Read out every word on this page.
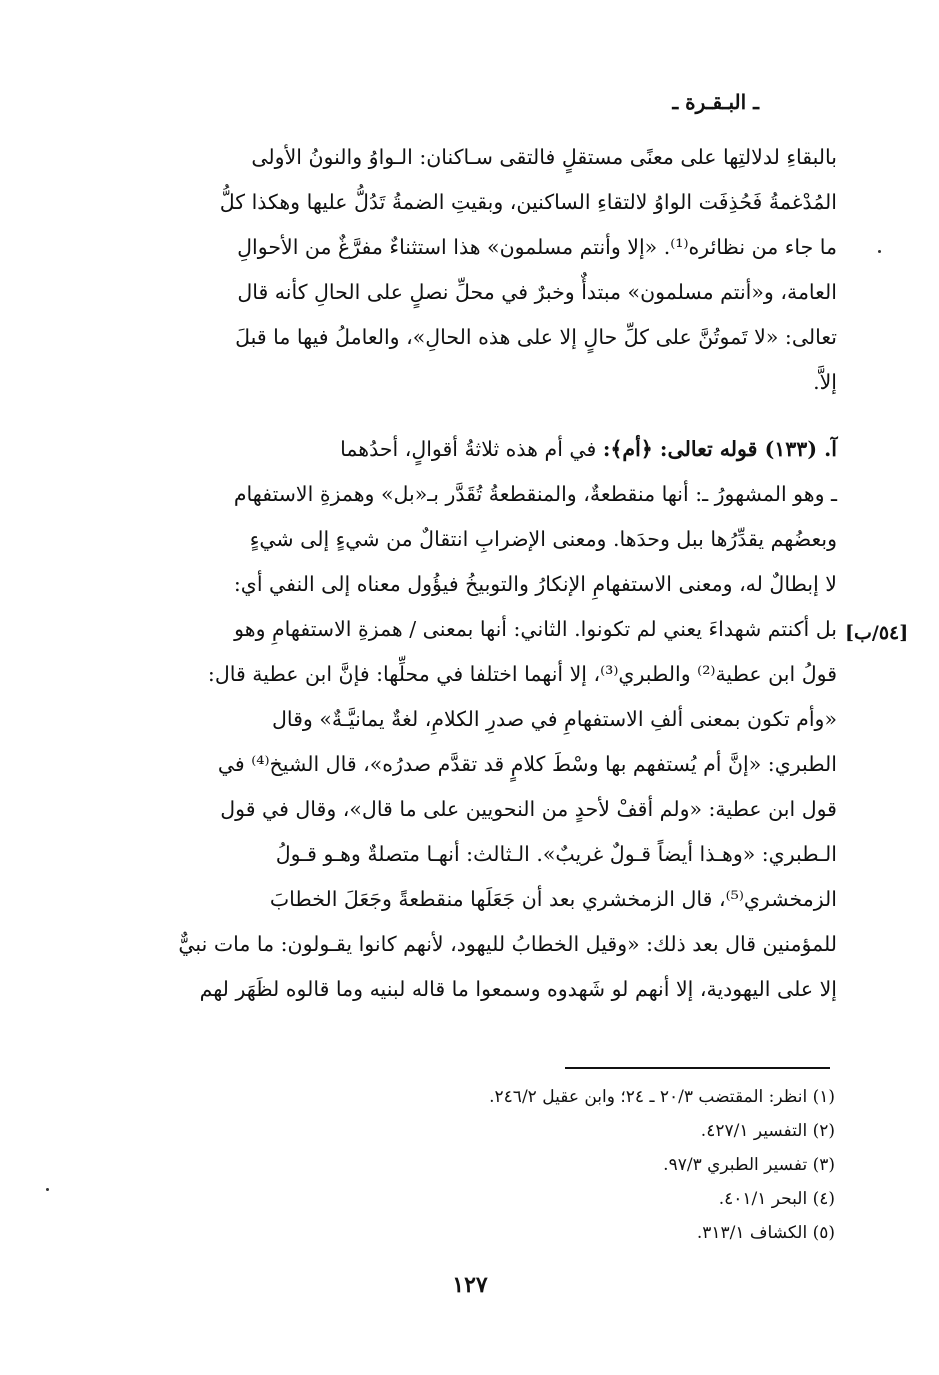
ـ البـقـرة ـ

بالبقاءِ لدلالتِها على معنًى مستقلٍ فالتقى سـاكنان: الـواوُ والنونُ الأولى

المُدْغمةُ فَحُذِفَت الواوُ لالتقاءِ الساكنين، وبقيتِ الضمةُ تَدُلُّ عليها وهكذا كلُّ

ما جاء من نظائره⁽¹⁾. «إلا وأنتم مسلمون» هذا استثناءٌ مفرَّغٌ من الأحوالِ

العامة، و«أنتم مسلمون» مبتدأٌ وخبرٌ في محلِّ نصلٍ على الحالِ كأنه قال

تعالى: «لا تَموتُنَّ على كلِّ حالٍ إلا على هذه الحالِ»، والعاملُ فيها ما قبلَ

إلاَّ.

آ. (١٣٣) قوله تعالى: ﴿أم﴾: في أم هذه ثلاثةُ أقوالٍ، أحدُهما

ـ وهو المشهورُ ـ: أنها منقطعةٌ، والمنقطعةُ تُقَدَّر بـ«بل» وهمزةِ الاستفهام

وبعضُهم يقدِّرُها ببل وحدَها. ومعنى الإضرابِ انتقالٌ من شيءٍ إلى شيءٍ

لا إبطالٌ له، ومعنى الاستفهامِ الإنكارُ والتوبيخُ فيؤُول معناه إلى النفي أي:

بل أكنتم شهداءَ يعني لم تكونوا. الثاني: أنها بمعنى / همزةِ الاستفهامِ وهو

قولُ ابن عطية⁽²⁾ والطبري⁽³⁾، إلا أنهما اختلفا في محلِّها: فإنَّ ابن عطية قال:

«وأم تكون بمعنى ألفِ الاستفهامِ في صدرِ الكلامِ، لغةٌ يمانيَّـةٌ» وقال

الطبري: «إنَّ أم يُستفهم بها وسْطَ كلامٍ قد تقدَّم صدرُه»، قال الشيخ⁽⁴⁾ في

قول ابن عطية: «ولم أقفْ لأحدٍ من النحويين على ما قال»، وقال في قول

الـطبري: «وهـذا أيضاً قـولٌ غريبٌ». الـثالث: أنهـا متصلةٌ وهـو قـولُ

الزمخشري⁽⁵⁾، قال الزمخشري بعد أن جَعَلَها منقطعةً وجَعَلَ الخطابَ

للمؤمنين قال بعد ذلك: «وقيل الخطابُ لليهود، لأنهم كانوا يقـولون: ما مات نبيٌّ

إلا على اليهودية، إلا أنهم لو شَهدوه وسمعوا ما قاله لبنيه وما قالوه لظَهَر لهم

[٥٤/ب]
(١) انظر: المقتضب ٢٠/٣ ـ ٢٤؛ وابن عقيل ٢٤٦/٢.
(٢) التفسير ٤٢٧/١.
(٣) تفسير الطبري ٩٧/٣.
(٤) البحر ٤٠١/١.
(٥) الكشاف ٣١٣/١.
١٢٧
